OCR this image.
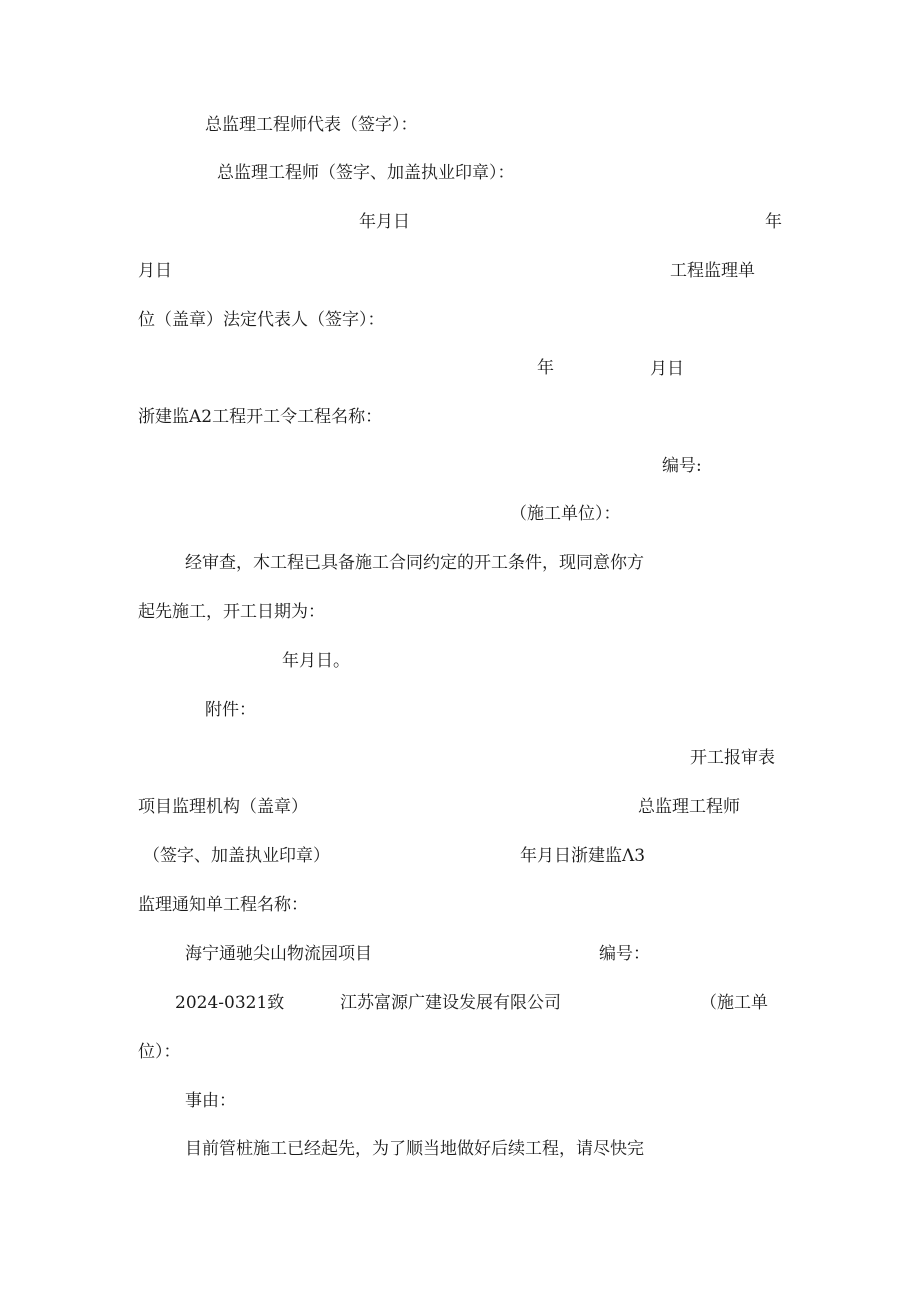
总监理工程师代表（签字）：
总监理工程师（签字、加盖执业印章）：
年月日	年
月日	工程监理单
位（盖章）法定代表人（签字）：
年	月日
浙建监A2工程开工令工程名称：
编号:
（施工单位）：
经审查，木工程已具备施工合同约定的开工条件，现同意你方
起先施工，开工日期为：
年月日。
附件：
开工报审表
项目监理机构（盖章）	总监理工程师
（签字、加盖执业印章）	年月日浙建监Λ3
监理通知单工程名称：
海宁通驰尖山物流园项目	编号：
2024-0321致	江苏富源广建设发展有限公司	（施工单
位）：
事由：
目前管桩施工已经起先，为了顺当地做好后续工程，请尽快完
